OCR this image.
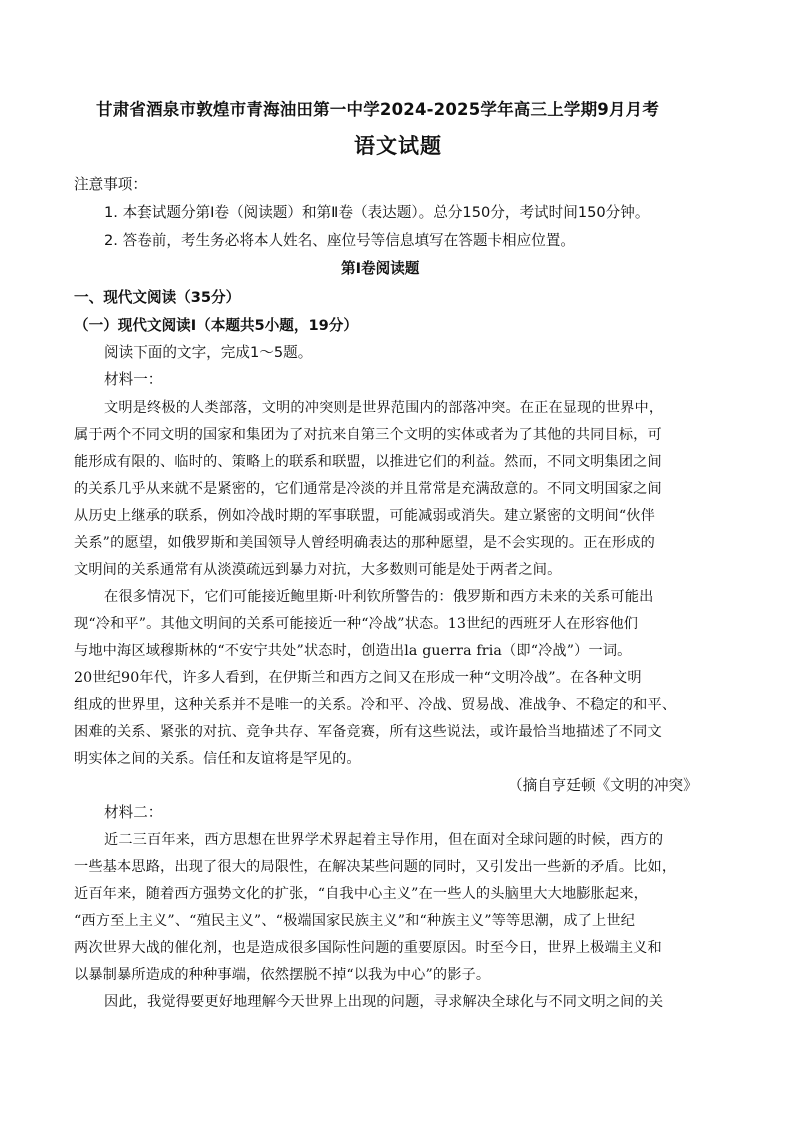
甘肃省酒泉市敦煌市青海油田第一中学2024-2025学年高三上学期9月月考
语文试题
注意事项：
1. 本套试题分第Ⅰ卷（阅读题）和第Ⅱ卷（表达题）。总分150分，考试时间150分钟。
2. 答卷前，考生务必将本人姓名、座位号等信息填写在答题卡相应位置。
第Ⅰ卷阅读题
一、现代文阅读（35分）
（一）现代文阅读Ⅰ（本题共5小题，19分）
阅读下面的文字，完成1～5题。
材料一：
文明是终极的人类部落，文明的冲突则是世界范围内的部落冲突。在正在显现的世界中，
属于两个不同文明的国家和集团为了对抗来自第三个文明的实体或者为了其他的共同目标，可
能形成有限的、临时的、策略上的联系和联盟，以推进它们的利益。然而，不同文明集团之间
的关系几乎从来就不是紧密的，它们通常是冷淡的并且常常是充满敌意的。不同文明国家之间
从历史上继承的联系，例如冷战时期的军事联盟，可能减弱或消失。建立紧密的文明间“伙伴
关系”的愿望，如俄罗斯和美国领导人曾经明确表达的那种愿望，是不会实现的。正在形成的
文明间的关系通常有从淡漠疏远到暴力对抗，大多数则可能是处于两者之间。
在很多情况下，它们可能接近鲍里斯·叶利钦所警告的：俄罗斯和西方未来的关系可能出
现“冷和平”。其他文明间的关系可能接近一种“冷战”状态。13世纪的西班牙人在形容他们
与地中海区域穆斯林的“不安宁共处”状态时，创造出la guerra fria（即“冷战”）一词。
20世纪90年代，许多人看到，在伊斯兰和西方之间又在形成一种“文明冷战”。在各种文明
组成的世界里，这种关系并不是唯一的关系。冷和平、冷战、贸易战、准战争、不稳定的和平、
困难的关系、紧张的对抗、竞争共存、军备竞赛，所有这些说法，或许最恰当地描述了不同文
明实体之间的关系。信任和友谊将是罕见的。
（摘自亨廷顿《文明的冲突》
材料二：
近二三百年来，西方思想在世界学术界起着主导作用，但在面对全球问题的时候，西方的
一些基本思路，出现了很大的局限性，在解决某些问题的同时，又引发出一些新的矛盾。比如，
近百年来，随着西方强势文化的扩张，“自我中心主义”在一些人的头脑里大大地膨胀起来，
“西方至上主义”、“殖民主义”、“极端国家民族主义”和“种族主义”等等思潮，成了上世纪
两次世界大战的催化剂，也是造成很多国际性问题的重要原因。时至今日，世界上极端主义和
以暴制暴所造成的种种事端，依然摆脱不掉“以我为中心”的影子。
因此，我觉得要更好地理解今天世界上出现的问题，寻求解决全球化与不同文明之间的关
